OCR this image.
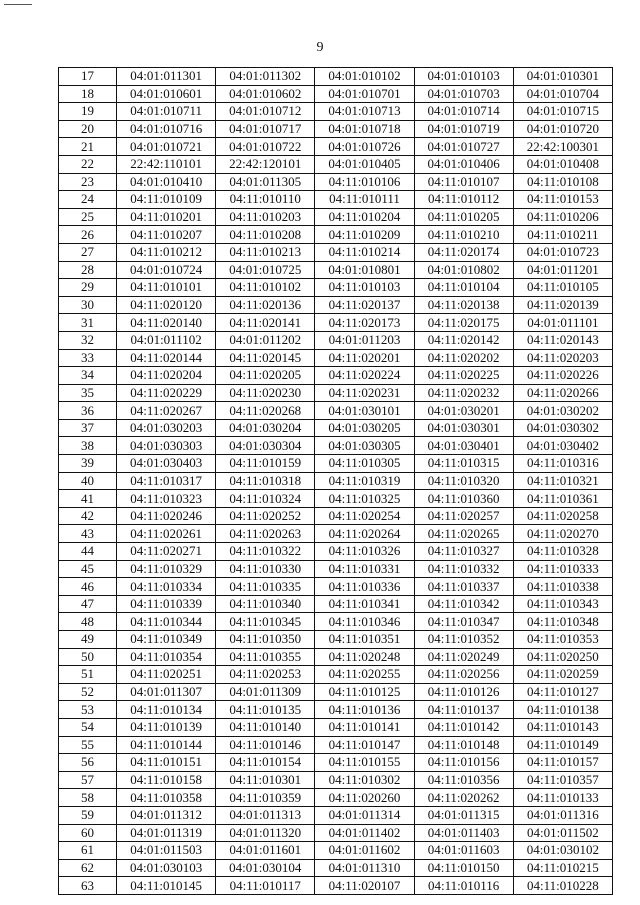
9
17	04:01:011301	04:01:011302	04:01:010102	04:01:010103	04:01:010301
18	04:01:010601	04:01:010602	04:01:010701	04:01:010703	04:01:010704
19	04:01:010711	04:01:010712	04:01:010713	04:01:010714	04:01:010715
20	04:01:010716	04:01:010717	04:01:010718	04:01:010719	04:01:010720
21	04:01:010721	04:01:010722	04:01:010726	04:01:010727	22:42:100301
22	22:42:110101	22:42:120101	04:01:010405	04:01:010406	04:01:010408
23	04:01:010410	04:01:011305	04:11:010106	04:11:010107	04:11:010108
24	04:11:010109	04:11:010110	04:11:010111	04:11:010112	04:11:010153
25	04:11:010201	04:11:010203	04:11:010204	04:11:010205	04:11:010206
26	04:11:010207	04:11:010208	04:11:010209	04:11:010210	04:11:010211
27	04:11:010212	04:11:010213	04:11:010214	04:11:020174	04:01:010723
28	04:01:010724	04:01:010725	04:01:010801	04:01:010802	04:01:011201
29	04:11:010101	04:11:010102	04:11:010103	04:11:010104	04:11:010105
30	04:11:020120	04:11:020136	04:11:020137	04:11:020138	04:11:020139
31	04:11:020140	04:11:020141	04:11:020173	04:11:020175	04:01:011101
32	04:01:011102	04:01:011202	04:01:011203	04:11:020142	04:11:020143
33	04:11:020144	04:11:020145	04:11:020201	04:11:020202	04:11:020203
34	04:11:020204	04:11:020205	04:11:020224	04:11:020225	04:11:020226
35	04:11:020229	04:11:020230	04:11:020231	04:11:020232	04:11:020266
36	04:11:020267	04:11:020268	04:01:030101	04:01:030201	04:01:030202
37	04:01:030203	04:01:030204	04:01:030205	04:01:030301	04:01:030302
38	04:01:030303	04:01:030304	04:01:030305	04:01:030401	04:01:030402
39	04:01:030403	04:11:010159	04:11:010305	04:11:010315	04:11:010316
40	04:11:010317	04:11:010318	04:11:010319	04:11:010320	04:11:010321
41	04:11:010323	04:11:010324	04:11:010325	04:11:010360	04:11:010361
42	04:11:020246	04:11:020252	04:11:020254	04:11:020257	04:11:020258
43	04:11:020261	04:11:020263	04:11:020264	04:11:020265	04:11:020270
44	04:11:020271	04:11:010322	04:11:010326	04:11:010327	04:11:010328
45	04:11:010329	04:11:010330	04:11:010331	04:11:010332	04:11:010333
46	04:11:010334	04:11:010335	04:11:010336	04:11:010337	04:11:010338
47	04:11:010339	04:11:010340	04:11:010341	04:11:010342	04:11:010343
48	04:11:010344	04:11:010345	04:11:010346	04:11:010347	04:11:010348
49	04:11:010349	04:11:010350	04:11:010351	04:11:010352	04:11:010353
50	04:11:010354	04:11:010355	04:11:020248	04:11:020249	04:11:020250
51	04:11:020251	04:11:020253	04:11:020255	04:11:020256	04:11:020259
52	04:01:011307	04:01:011309	04:11:010125	04:11:010126	04:11:010127
53	04:11:010134	04:11:010135	04:11:010136	04:11:010137	04:11:010138
54	04:11:010139	04:11:010140	04:11:010141	04:11:010142	04:11:010143
55	04:11:010144	04:11:010146	04:11:010147	04:11:010148	04:11:010149
56	04:11:010151	04:11:010154	04:11:010155	04:11:010156	04:11:010157
57	04:11:010158	04:11:010301	04:11:010302	04:11:010356	04:11:010357
58	04:11:010358	04:11:010359	04:11:020260	04:11:020262	04:11:010133
59	04:01:011312	04:01:011313	04:01:011314	04:01:011315	04:01:011316
60	04:01:011319	04:01:011320	04:01:011402	04:01:011403	04:01:011502
61	04:01:011503	04:01:011601	04:01:011602	04:01:011603	04:01:030102
62	04:01:030103	04:01:030104	04:01:011310	04:11:010150	04:11:010215
63	04:11:010145	04:11:010117	04:11:020107	04:11:010116	04:11:010228
